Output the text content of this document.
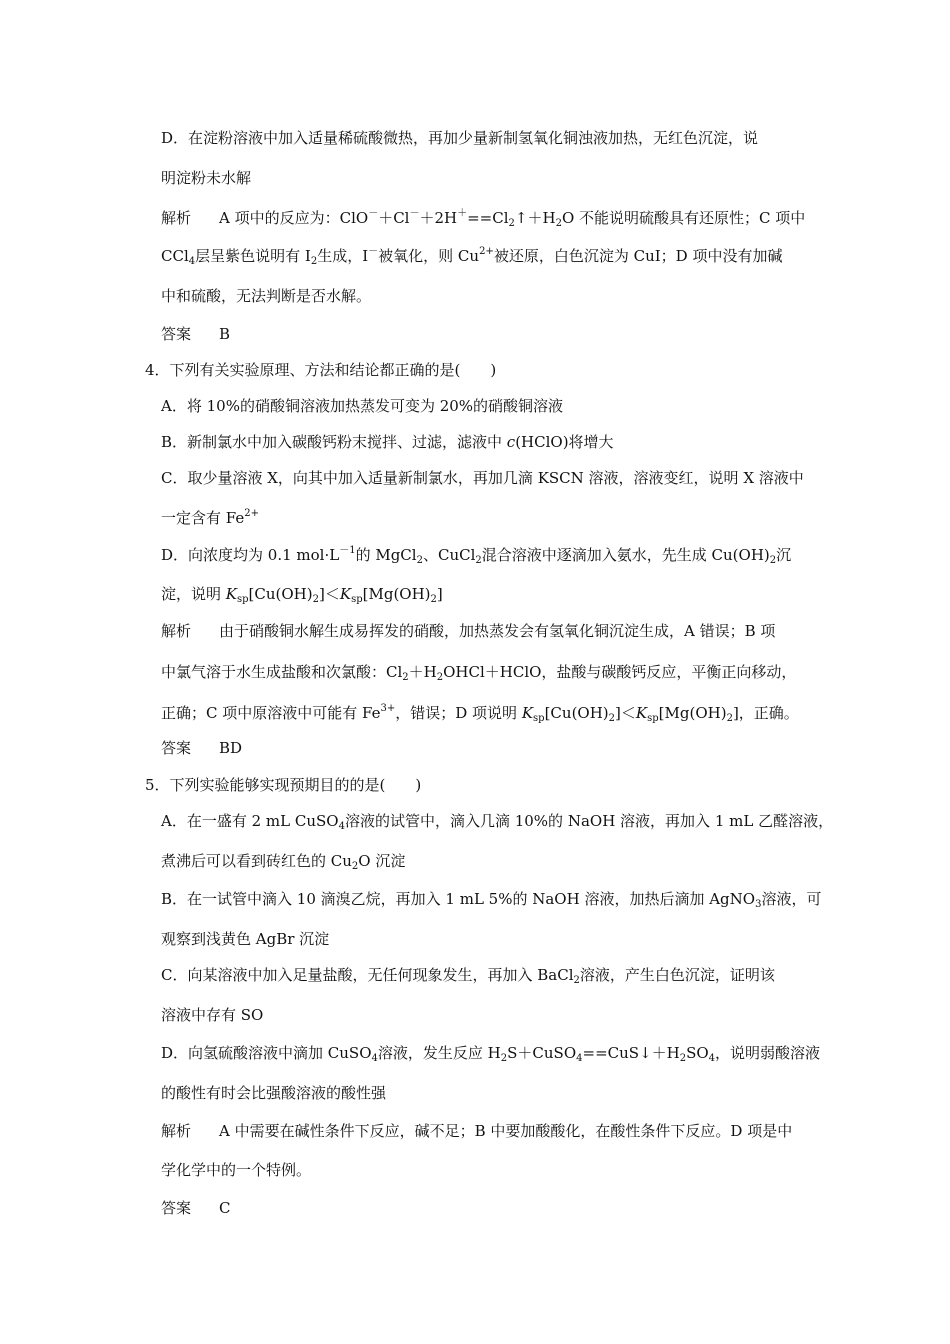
D．在淀粉溶液中加入适量稀硫酸微热，再加少量新制氢氧化铜浊液加热，无红色沉淀，说
明淀粉未水解
解析 A 项中的反应为：$ClO^-+Cl^-+2H^+==Cl_2↑+H_2O$ 不能说明硫酸具有还原性；C 项中
CCl$_4$层呈紫色说明有 $I_2$生成，I－被氧化，则 $Cu^{2+}$被还原，白色沉淀为 CuI；D 项中没有加碱
中和硫酸，无法判断是否水解。
答案 B
4．下列有关实验原理、方法和结论都正确的是(　　)
A．将 10%的硝酸铜溶液加热蒸发可变为 20%的硝酸铜溶液
B．新制氯水中加入碳酸钙粉末搅拌、过滤，滤液中 c(HClO)将增大
C．取少量溶液 X，向其中加入适量新制氯水，再加几滴 KSCN 溶液，溶液变红，说明 X 溶液中
一定含有 $Fe^{2+}$
D．向浓度均为 0.1 $mol\cdot L^{-1}$的 MgCl$_2$、CuCl$_2$混合溶液中逐滴加入氨水，先生成 $Cu(OH)_2$沉
淀，说明 $K_{sp}[Cu(OH)_2]<K_{sp}[Mg(OH)_2]$
解析 由于硝酸铜水解生成易挥发的硝酸，加热蒸发会有氢氧化铜沉淀生成，A 错误；B 项
中氯气溶于水生成盐酸和次氯酸：$Cl_2+H_2OHCl+HClO$，盐酸与碳酸钙反应，平衡正向移动，
正确；C 项中原溶液中可能有 $Fe^{3+}$，错误；D 项说明 $K_{sp}[Cu(OH)_2]<K_{sp}[Mg(OH)_2]$，正确。
答案 BD
5．下列实验能够实现预期目的的是(　　)
A．在一盛有 2 mL CuSO$_4$溶液的试管中，滴入几滴 10%的 NaOH 溶液，再加入 1 mL 乙醛溶液，
煮沸后可以看到砖红色的 $Cu_2O$ 沉淀
B．在一试管中滴入 10 滴溴乙烷，再加入 1 mL 5%的 NaOH 溶液，加热后滴加 AgNO$_3$溶液，可
观察到浅黄色 AgBr 沉淀
C．向某溶液中加入足量盐酸，无任何现象发生，再加入 BaCl$_2$溶液，产生白色沉淀，证明该
溶液中存有 SO
D．向氢硫酸溶液中滴加 CuSO$_4$溶液，发生反应 $H_2S+CuSO_4==CuS↓+H_2SO_4$，说明弱酸溶液
的酸性有时会比强酸溶液的酸性强
解析 A 中需要在碱性条件下反应，碱不足；B 中要加酸酸化，在酸性条件下反应。D 项是中
学化学中的一个特例。
答案 C
